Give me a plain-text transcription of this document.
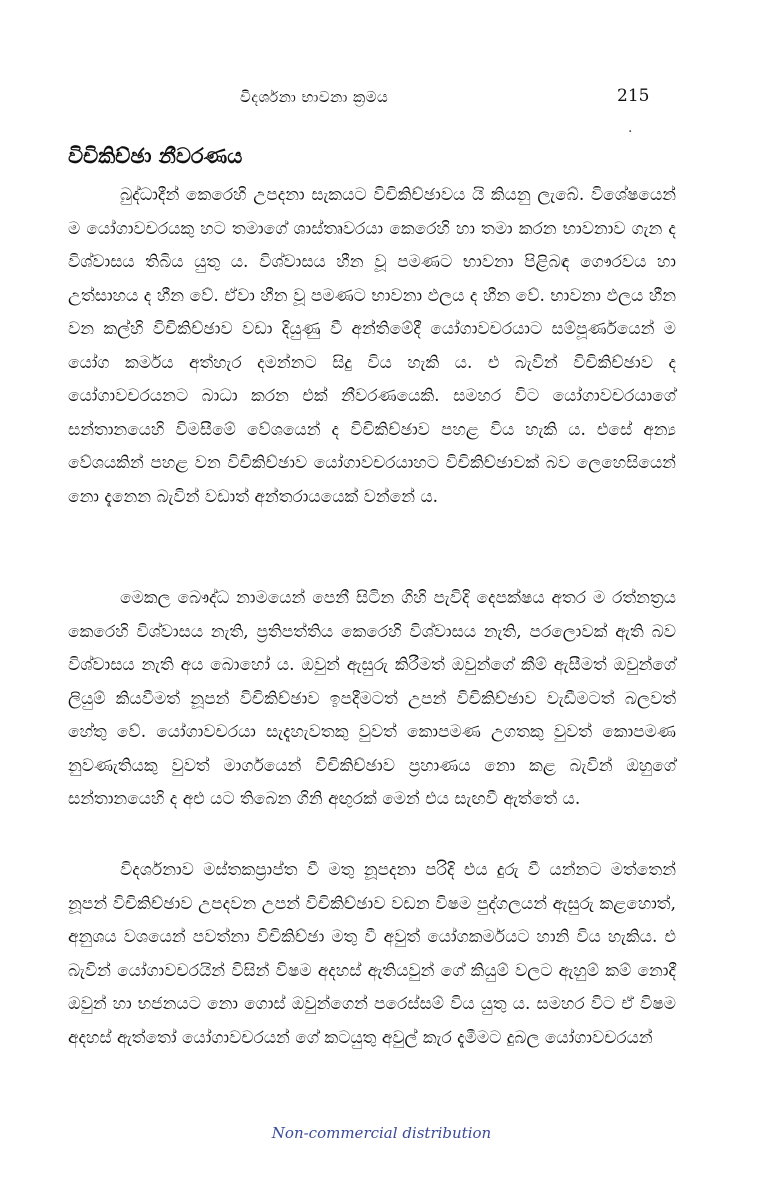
විදර්ශනා භාවනා ක්‍රමය	215
·
විචිකිච්ඡා නීවරණය

බුද්ධාදීන් කෙරෙහි උපදනා සැකයට විචිකිච්ඡාවය යි කියනු ලැබේ. විශේෂයෙන් ම යෝගාවචරයකු හට තමාගේ ශාස්තෘවරයා කෙරෙහි හා තමා කරන භාවනාව ගැන ද විශ්වාසය තිබිය යුතු ය. විශ්වාසය හීන වූ පමණට භාවනා පිළිබඳ ගෞරවය හා උත්සාහය ද හීන වේ. ඒවා හීන වූ පමණට භාවනා ඵලය ද හීන වේ. භාවනා ඵලය හීන වන කල්හි විචිකිච්ඡාව වඩා දියුණු වී අන්තිමේදී යෝගාවචරයාට සම්පූර්ණයෙන් ම යෝග කර්මය අත්හැර දමන්නට සිදු විය හැකි ය. එ බැවින් විචිකිච්ඡාව ද යෝගාවචරයනට බාධා කරන එක් නීවරණයෙකි. සමහර විට යෝගාවචරයාගේ සන්තානයෙහි විමසීමේ වේශයෙන් ද විචිකිච්ඡාව පහළ විය හැකි ය. එසේ අන්‍ය වේශයකින් පහළ වන විචිකිච්ඡාව යෝගාවචරයාහට විචිකිච්ඡාවක් බව ලෙහෙසියෙන් නො දැනෙන බැවින් වඩාත් අන්තරායයෙක් වන්නේ ය.

මෙකල බෞද්ධ නාමයෙන් පෙනී සිටින ගිහි පැවිදි දෙපක්ෂය අතර ම රත්නත්‍රය කෙරෙහි විශ්වාසය නැති, ප්‍රතිපත්තිය කෙරෙහි විශ්වාසය නැති, පරලොවක් ඇති බව විශ්වාසය නැති අය බොහෝ ය. ඔවුන් ඇසුරු කිරීමත් ඔවුන්ගේ කීම් ඇසීමත් ඔවුන්ගේ ලියුම් කියවීමත් නූපන් විචිකිච්ඡාව ඉපදීමටත් උපන් විචිකිච්ඡාව වැඩීමටත් බලවත් හේතු වේ. යෝගාවචරයා සැදැහැවතකු වුවත් කොපමණ උගතකු වුවත් කොපමණ නුවණැතියකු වුවත් මාර්ගයෙන් විචිකිච්ඡාව ප්‍රහාණය නො කළ බැවින් ඔහුගේ සන්තානයෙහි ද අළු යට තිබෙන ගිනි අඟුරක් මෙන් එය සැඟවී ඇත්තේ ය.

විදර්ශනාව මස්තකප්‍රාප්ත වී මතු නූපදනා පරිදි එය දුරු වී යන්නට මත්තෙන් නූපන් විචිකිච්ඡාව උපදවන උපන් විචිකිච්ඡාව වඩන විෂම පුද්ගලයන් ඇසුරු කළහොත්, අනුශය වශයෙන් පවත්නා විචිකිච්ඡා මතු වී අවුත් යෝගකර්මයට හානි විය හැකිය. එ බැවින් යෝගාවචරයින් විසින් විෂම අදහස් ඇතියවුන් ගේ කියුම් වලට ඇහුම් කම් නොදී ඔවුන් හා භජනයට නො ගොස් ඔවුන්ගෙන් පරෙස්සම් විය යුතු ය. සමහර විට ඒ විෂම අදහස් ඇත්තෝ යෝගාවචරයන් ගේ කටයුතු අවුල් කැර දැමීමට දුබල යෝගාවචරයන්

Non-commercial distribution
